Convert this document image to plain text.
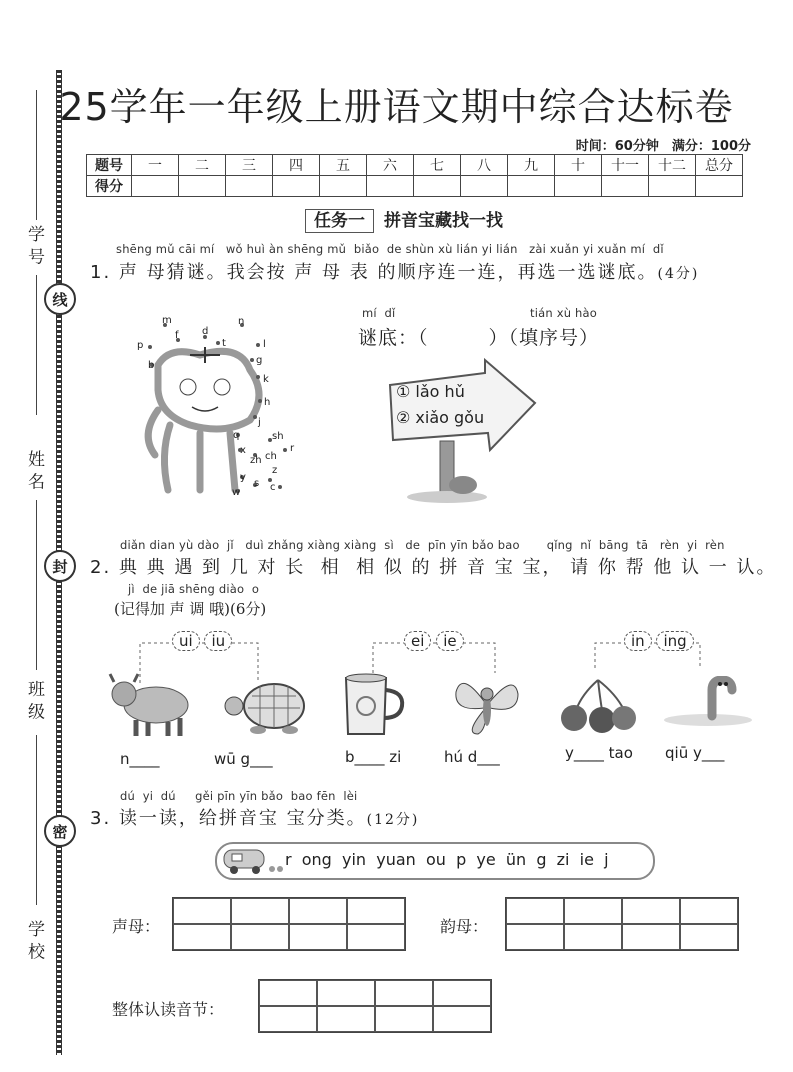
学 号
线
姓 名
封
班 级
密
学 校
25学年一年级上册语文期中综合达标卷
时间：60分钟　满分：100分
题号	一	二	三	四	五	六	七	八	九	十	十一	十二	总分
得分													
任务一 拼音宝藏找一找
shēng mǔ cāi mí   wǒ huì àn shēng mǔ  biǎo  de shùn xù lián yi lián   zài xuǎn yi xuǎn mí  dǐ
1. 声 母猜谜。我会按 声 母 表 的顺序连一连，再选一选谜底。(4分)
m
f d
t
n
p	l
b	g
k
h
j
q
x
zh ch
sh
r
y
s
z
c
w
mí  dǐ	tián xù hào
谜底：（　　　）（填序号）
① lǎo hǔ
② xiǎo gǒu
diǎn dian yù dào  jǐ   duì zhǎng xiàng xiàng  sì   de  pīn yīn bǎo bao       qǐng  nǐ  bāng  tā   rèn  yi  rèn
2. 典 典 遇 到 几 对 长  相  相 似 的 拼 音 宝 宝， 请 你 帮 他 认 一 认。
jì  de jiā shēng diào  o
(记得加 声 调 哦)(6分)
ui iu	ei ie	in ing
n____	wū g___	b____ zi	hú d___	y____ tao qiū y___
dú  yi  dú     gěi pīn yīn bǎo  bao fēn  lèi
3. 读一读，给拼音宝 宝分类。(12分)
r  ong  yin  yuan  ou  p  ye  ün  g  zi  ie  j
声母：	韵母：
整体认读音节：
